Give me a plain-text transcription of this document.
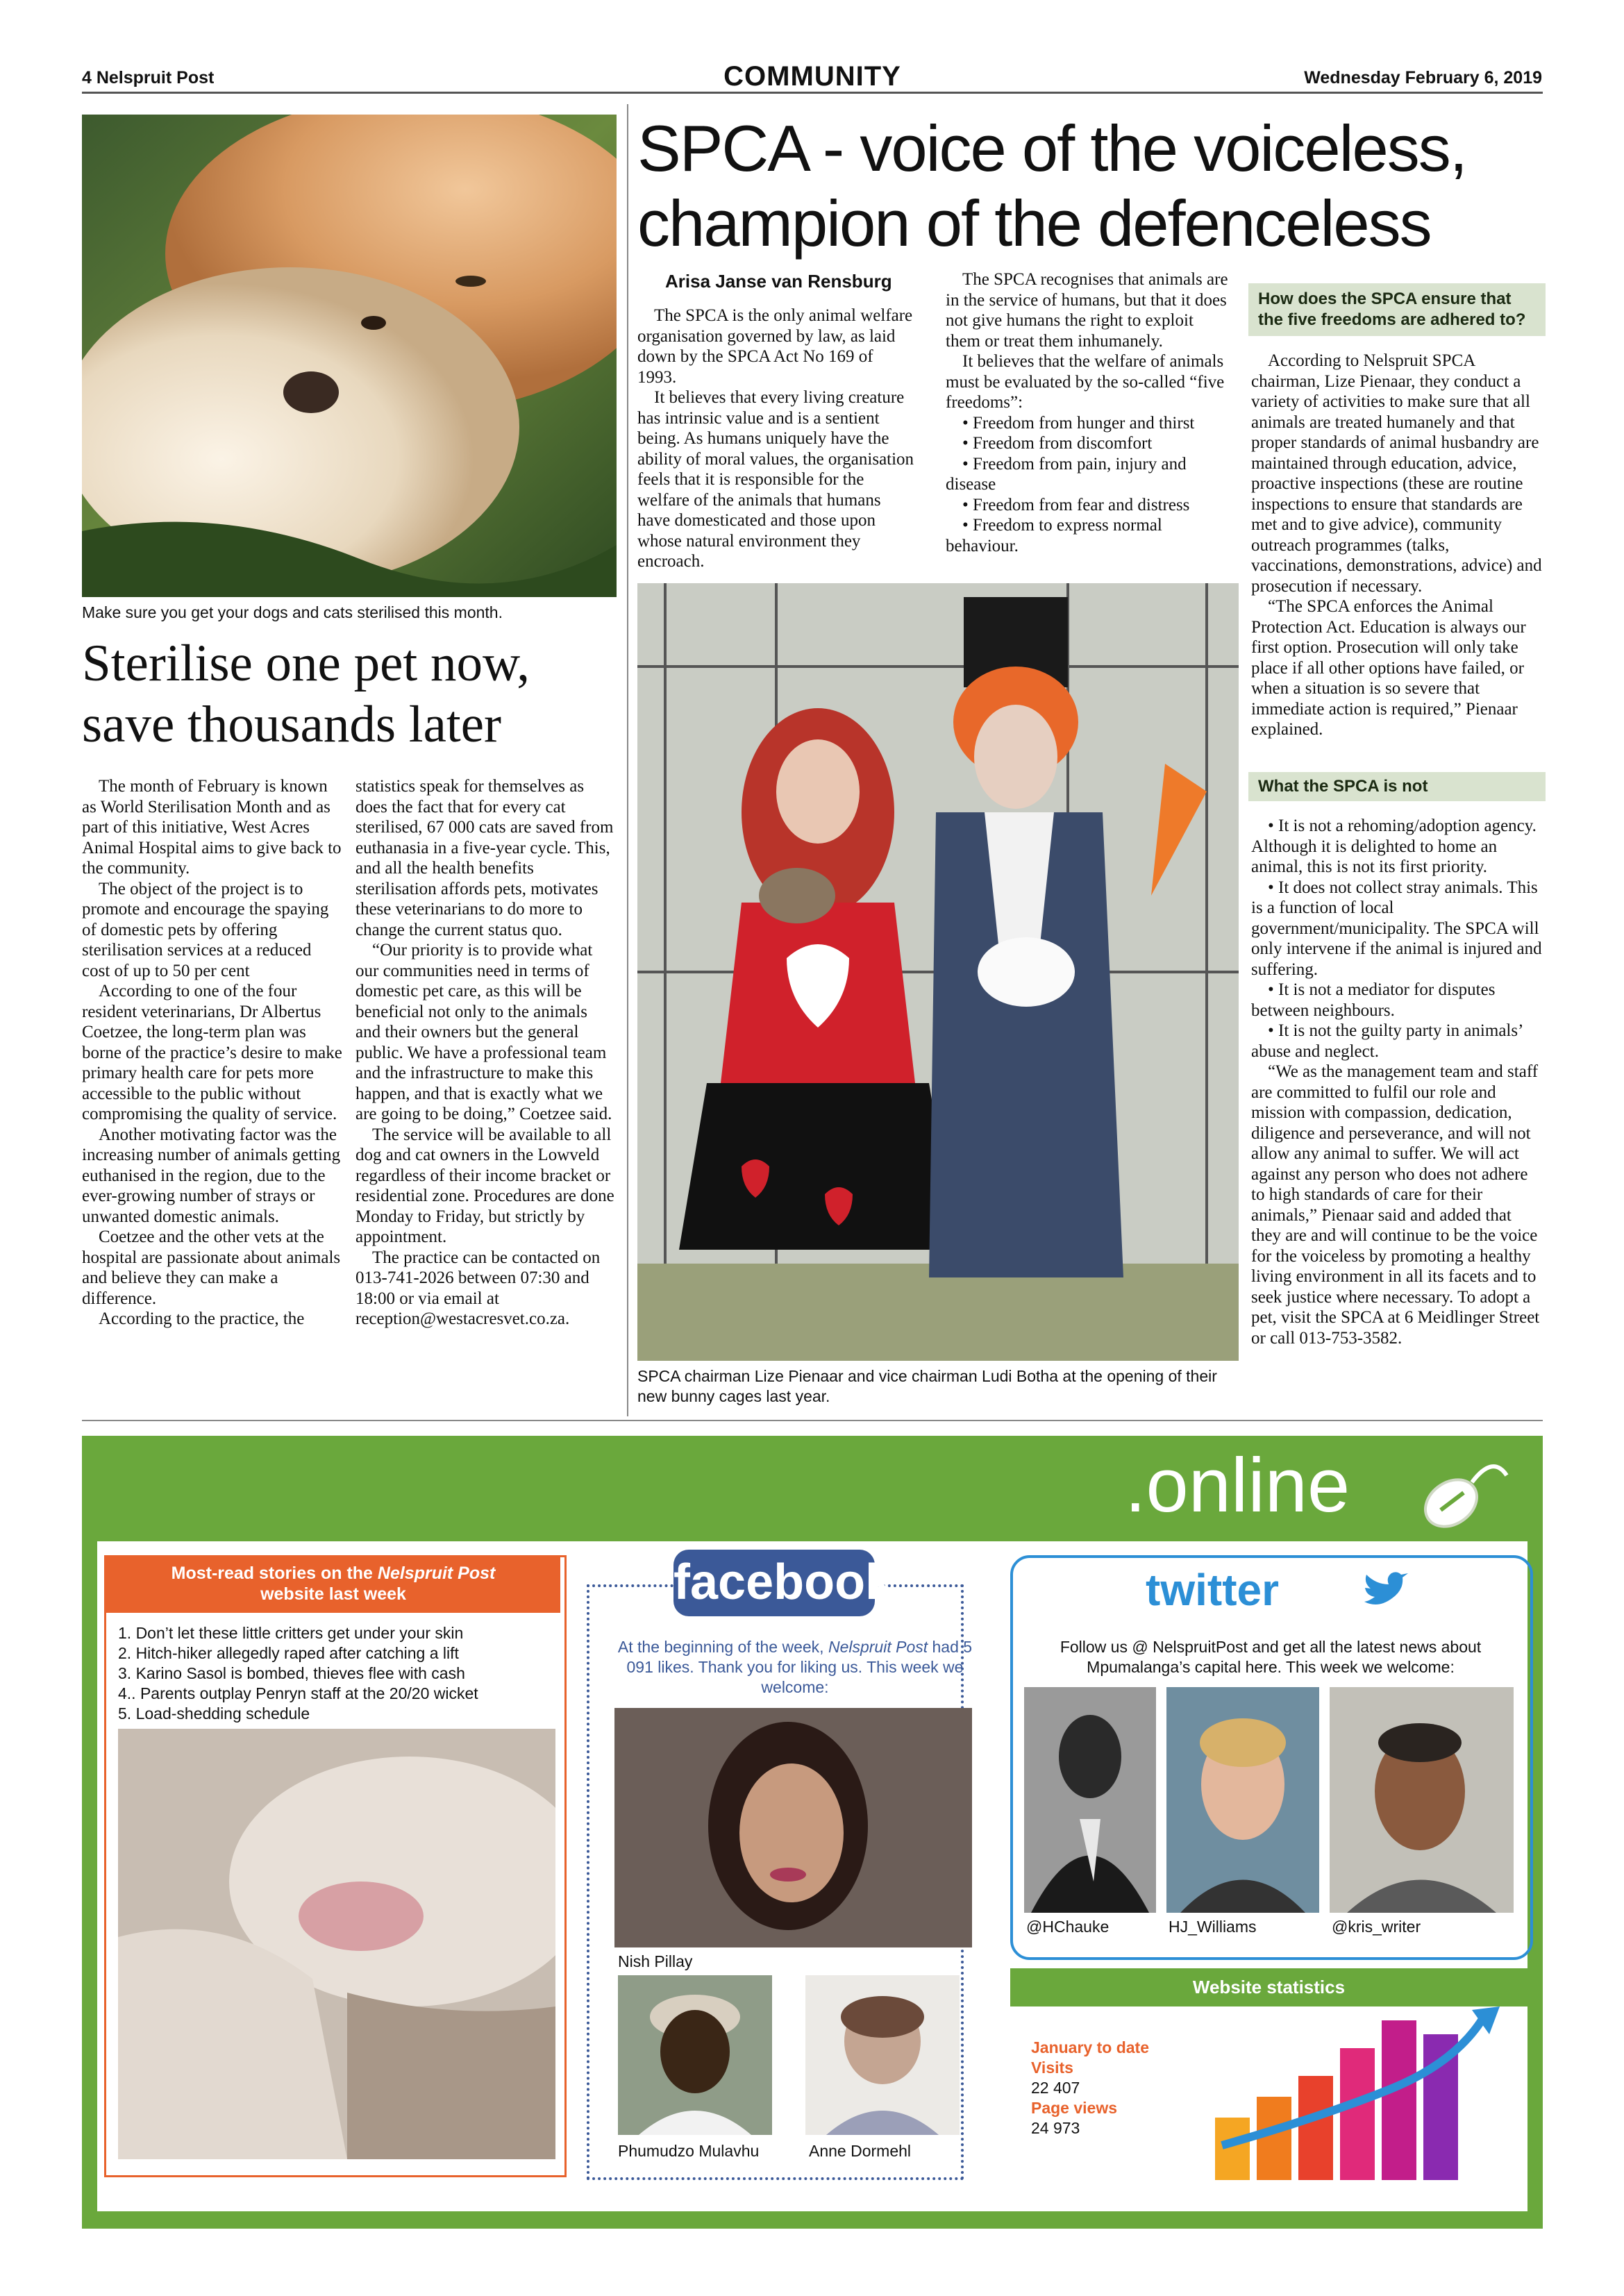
4 Nelspruit Post	COMMUNITY	Wednesday February 6, 2019
Make sure you get your dogs and cats sterilised this month.
Sterilise one pet now,
save thousands later

The month of February is known as World Sterilisation Month and as part of this initiative, West Acres Animal Hospital aims to give back to the community.

The object of the project is to promote and encourage the spaying of domestic pets by offering sterilisation services at a reduced cost of up to 50 per cent

According to one of the four resident veterinarians, Dr Albertus Coetzee, the long-term plan was borne of the practice’s desire to make primary health care for pets more accessible to the public without compromising the quality of service.

Another motivating factor was the increasing number of animals getting euthanised in the region, due to the ever-growing number of strays or unwanted domestic animals.

Coetzee and the other vets at the hospital are passionate about animals and believe they can make a difference.

According to the practice, the

statistics speak for themselves as does the fact that for every cat sterilised, 67 000 cats are saved from euthanasia in a five-year cycle. This, and all the health benefits sterilisation affords pets, motivates these veterinarians to do more to change the current status quo.

“Our priority is to provide what our communities need in terms of domestic pet care, as this will be beneficial not only to the animals and their owners but the general public. We have a professional team and the infrastructure to make this happen, and that is exactly what we are going to be doing,” Coetzee said.

The service will be available to all dog and cat owners in the Lowveld regardless of their income bracket or residential zone. Procedures are done Monday to Friday, but strictly by appointment.

The practice can be contacted on 013-741-2026 between 07:30 and 18:00 or via email at reception@westacresvet.co.za.

SPCA - voice of the voiceless,
champion of the defenceless
Arisa Janse van Rensburg

The SPCA is the only animal welfare organisation governed by law, as laid down by the SPCA Act No 169 of 1993.

It believes that every living creature has intrinsic value and is a sentient being. As humans uniquely have the ability of moral values, the organisation feels that it is responsible for the welfare of the animals that humans have domesticated and those upon whose natural environment they encroach.

The SPCA recognises that animals are in the service of humans, but that it does not give humans the right to exploit them or treat them inhumanely.

It believes that the welfare of animals must be evaluated by the so-called “five freedoms”:

• Freedom from hunger and thirst

• Freedom from discomfort

• Freedom from pain, injury and disease

• Freedom from fear and distress

• Freedom to express normal behaviour.

SPCA chairman Lize Pienaar and vice chairman Ludi Botha at the opening of their new bunny cages last year.
How does the SPCA ensure that the five freedoms are adhered to?

According to Nelspruit SPCA chairman, Lize Pienaar, they conduct a variety of activities to make sure that all animals are treated humanely and that proper standards of animal husbandry are maintained through education, advice, proactive inspections (these are routine inspections to ensure that standards are met and to give advice), community outreach programmes (talks, vaccinations, demonstrations, advice) and prosecution if necessary.

“The SPCA enforces the Animal Protection Act. Education is always our first option. Prosecution will only take place if all other options have failed, or when a situation is so severe that immediate action is required,” Pienaar explained.

What the SPCA is not

• It is not a rehoming/adoption agency. Although it is delighted to home an animal, this is not its first priority.

• It does not collect stray animals. This is a function of local government/municipality. The SPCA will only intervene if the animal is injured and suffering.

• It is not a mediator for disputes between neighbours.

• It is not the guilty party in animals’ abuse and neglect.

“We as the management team and staff are committed to fulfil our role and mission with compassion, dedication, diligence and perseverance, and will not allow any animal to suffer. We will act against any person who does not adhere to high standards of care for their animals,” Pienaar said and added that they are and will continue to be the voice for the voiceless by promoting a healthy living environment in all its facets and to seek justice where necessary. To adopt a pet, visit the SPCA at 6 Meidlinger Street or call 013-753-3582.

.online
Most-read stories on the Nelspruit Post
website last week
1. Don’t let these little critters get under your skin
2. Hitch-hiker allegedly raped after catching a lift
3. Karino Sasol is bombed, thieves flee with cash
4.. Parents outplay Penryn staff at the 20/20 wicket
5. Load-shedding schedule
facebook
At the beginning of the week, Nelspruit Post had 5 091 likes. Thank you for liking us. This week we welcome:
Nish Pillay
Phumudzo Mulavhu	Anne Dormehl
twitter
Follow us @ NelspruitPost and get all the latest news about Mpumalanga’s capital here. This week we welcome:
@HChauke	HJ_Williams	@kris_writer
Website statistics
January to date
Visits
22 407
Page views
24 973
